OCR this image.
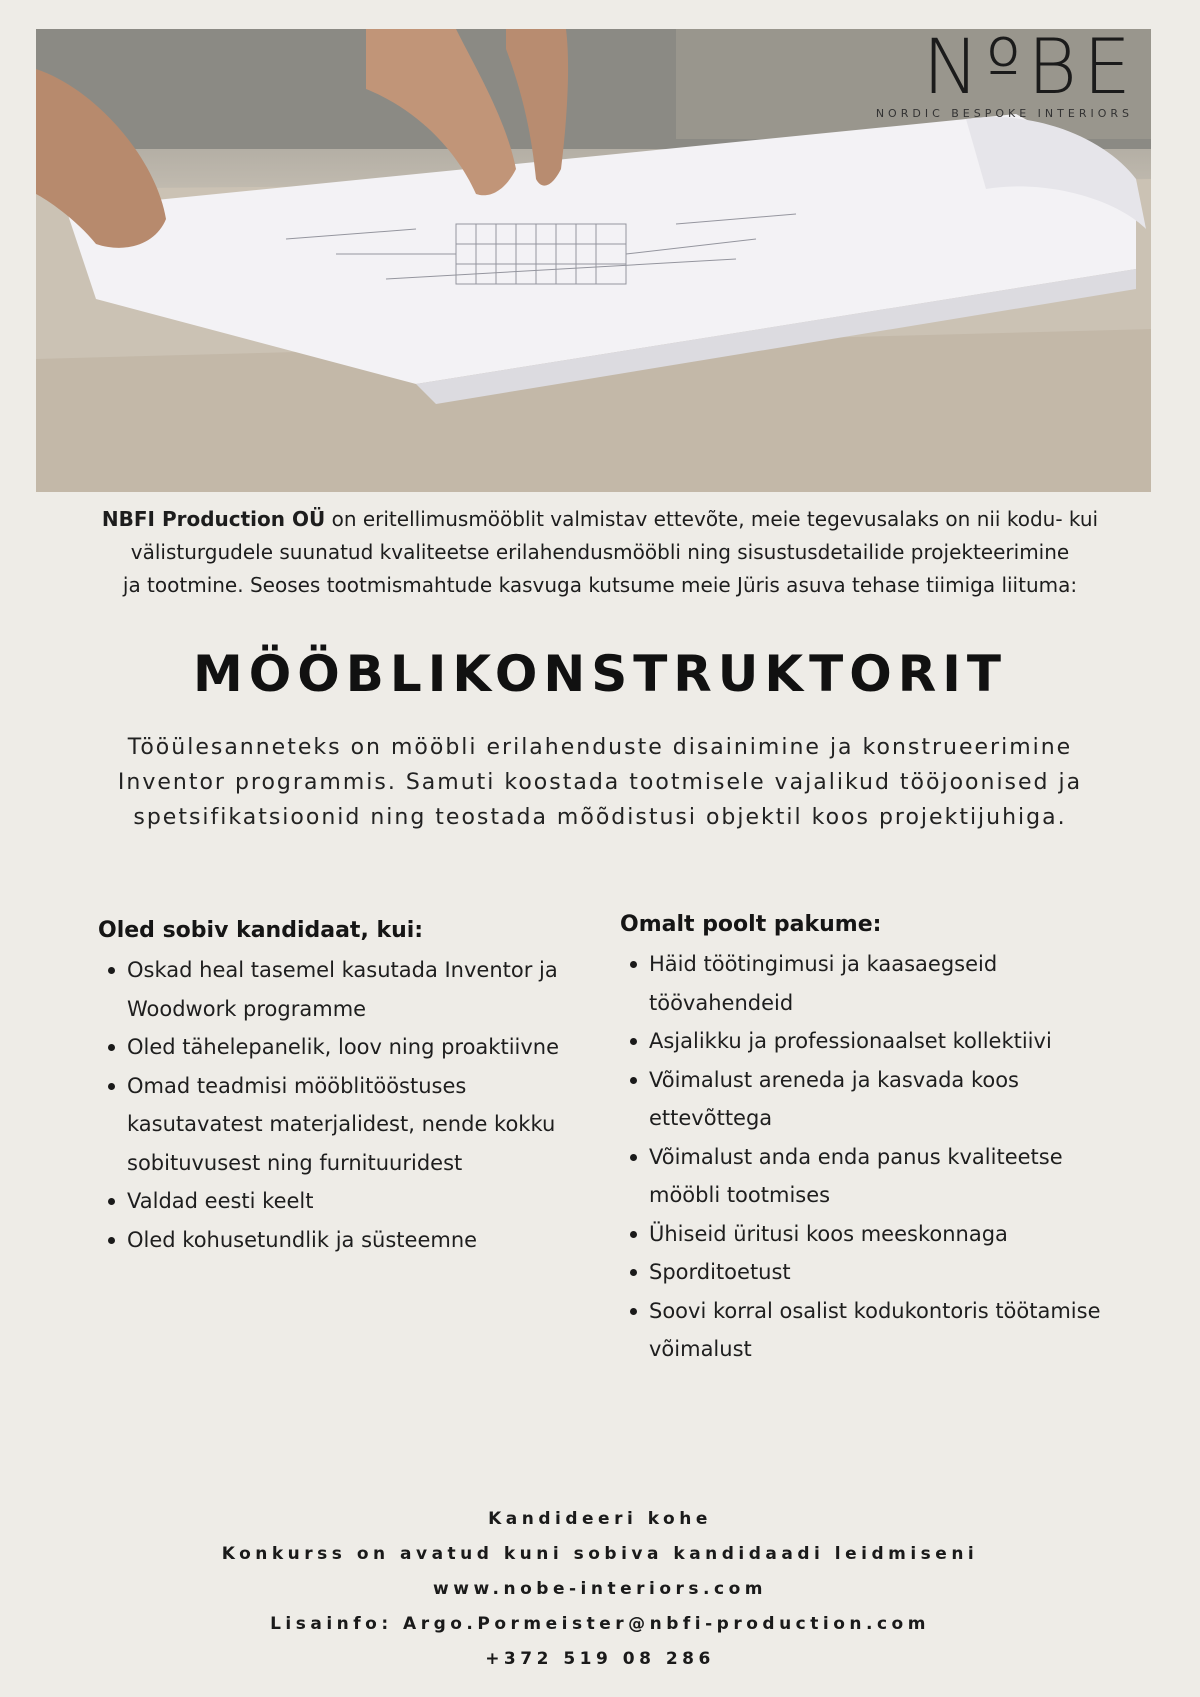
NºBE
NORDIC BESPOKE INTERIORS
NBFI Production OÜ on eritellimusmööblit valmistav ettevõte, meie tegevusalaks on nii kodu- kui
välisturgudele suunatud kvaliteetse erilahendusmööbli ning sisustusdetailide projekteerimine
ja tootmine. Seoses tootmismahtude kasvuga kutsume meie Jüris asuva tehase tiimiga liituma:
MÖÖBLIKONSTRUKTORIT
Tööülesanneteks on mööbli erilahenduste disainimine ja konstrueerimine
Inventor programmis. Samuti koostada tootmisele vajalikud tööjoonised ja
spetsifikatsioonid ning teostada mõõdistusi objektil koos projektijuhiga.
Oled sobiv kandidaat, kui:
Oskad heal tasemel kasutada Inventor ja Woodwork programme
Oled tähelepanelik, loov ning proaktiivne
Omad teadmisi mööblitööstuses kasutavatest materjalidest, nende kokku sobituvusest ning furnituuridest
Valdad eesti keelt
Oled kohusetundlik ja süsteemne
Omalt poolt pakume:
Häid töötingimusi ja kaasaegseid töövahendeid
Asjalikku ja professionaalset kollektiivi
Võimalust areneda ja kasvada koos ettevõttega
Võimalust anda enda panus kvaliteetse mööbli tootmises
Ühiseid üritusi koos meeskonnaga
Sporditoetust
Soovi korral osalist kodukontoris töötamise võimalust
Kandideeri kohe
Konkurss on avatud kuni sobiva kandidaadi leidmiseni
www.nobe-interiors.com
Lisainfo: Argo.Pormeister@nbfi-production.com
+372 519 08 286
